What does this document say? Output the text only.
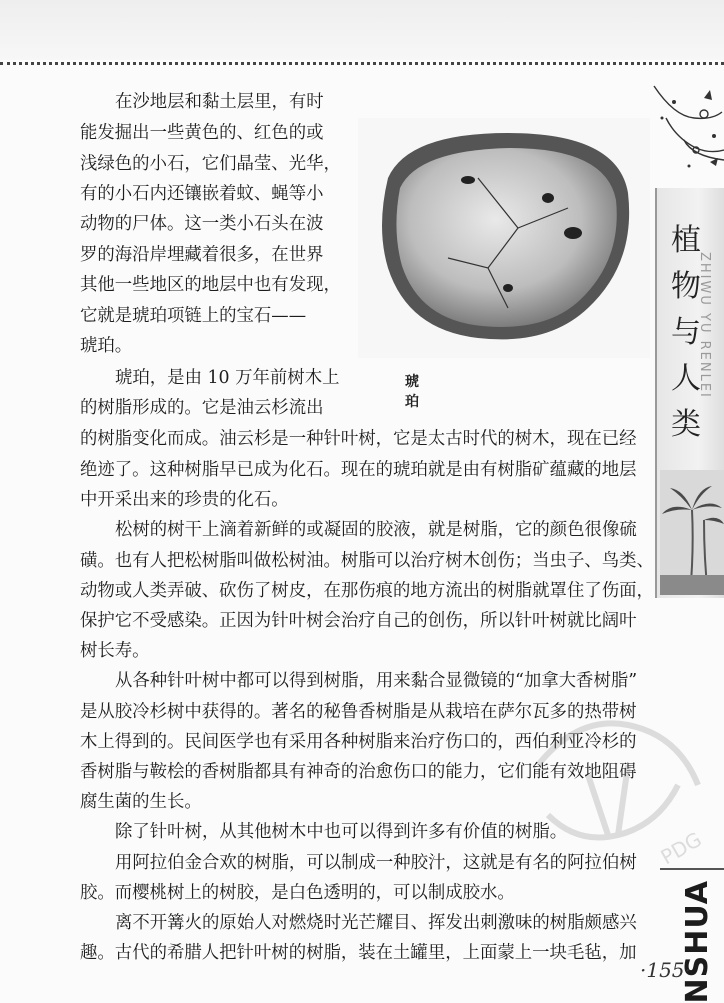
植物与人类
ZHIWU YU RENLEI
琥　珀
在沙地层和黏土层里，有时
能发掘出一些黄色的、红色的或
浅绿色的小石，它们晶莹、光华，
有的小石内还镶嵌着蚊、蝇等小
动物的尸体。这一类小石头在波
罗的海沿岸埋藏着很多，在世界
其他一些地区的地层中也有发现，
它就是琥珀项链上的宝石——
琥珀。
琥珀，是由 10 万年前树木上
的树脂形成的。它是油云杉流出
的树脂变化而成。油云杉是一种针叶树，它是太古时代的树木，现在已经
绝迹了。这种树脂早已成为化石。现在的琥珀就是由有树脂矿蕴藏的地层
中开采出来的珍贵的化石。
松树的树干上滴着新鲜的或凝固的胶液，就是树脂，它的颜色很像硫
磺。也有人把松树脂叫做松树油。树脂可以治疗树木创伤；当虫子、鸟类、
动物或人类弄破、砍伤了树皮，在那伤痕的地方流出的树脂就罩住了伤面，
保护它不受感染。正因为针叶树会治疗自己的创伤，所以针叶树就比阔叶
树长寿。
从各种针叶树中都可以得到树脂，用来黏合显微镜的“加拿大香树脂”
是从胶冷杉树中获得的。著名的秘鲁香树脂是从栽培在萨尔瓦多的热带树
木上得到的。民间医学也有采用各种树脂来治疗伤口的，西伯利亚冷杉的
香树脂与鞍桧的香树脂都具有神奇的治愈伤口的能力，它们能有效地阻碍
腐生菌的生长。
除了针叶树，从其他树木中也可以得到许多有价值的树脂。
用阿拉伯金合欢的树脂，可以制成一种胶汁，这就是有名的阿拉伯树
胶。而樱桃树上的树胶，是白色透明的，可以制成胶水。
离不开篝火的原始人对燃烧时光芒耀目、挥发出刺激味的树脂颇感兴
趣。古代的希腊人把针叶树的树脂，装在土罐里，上面蒙上一块毛毡，加
PDG
NSHUA
·155·
